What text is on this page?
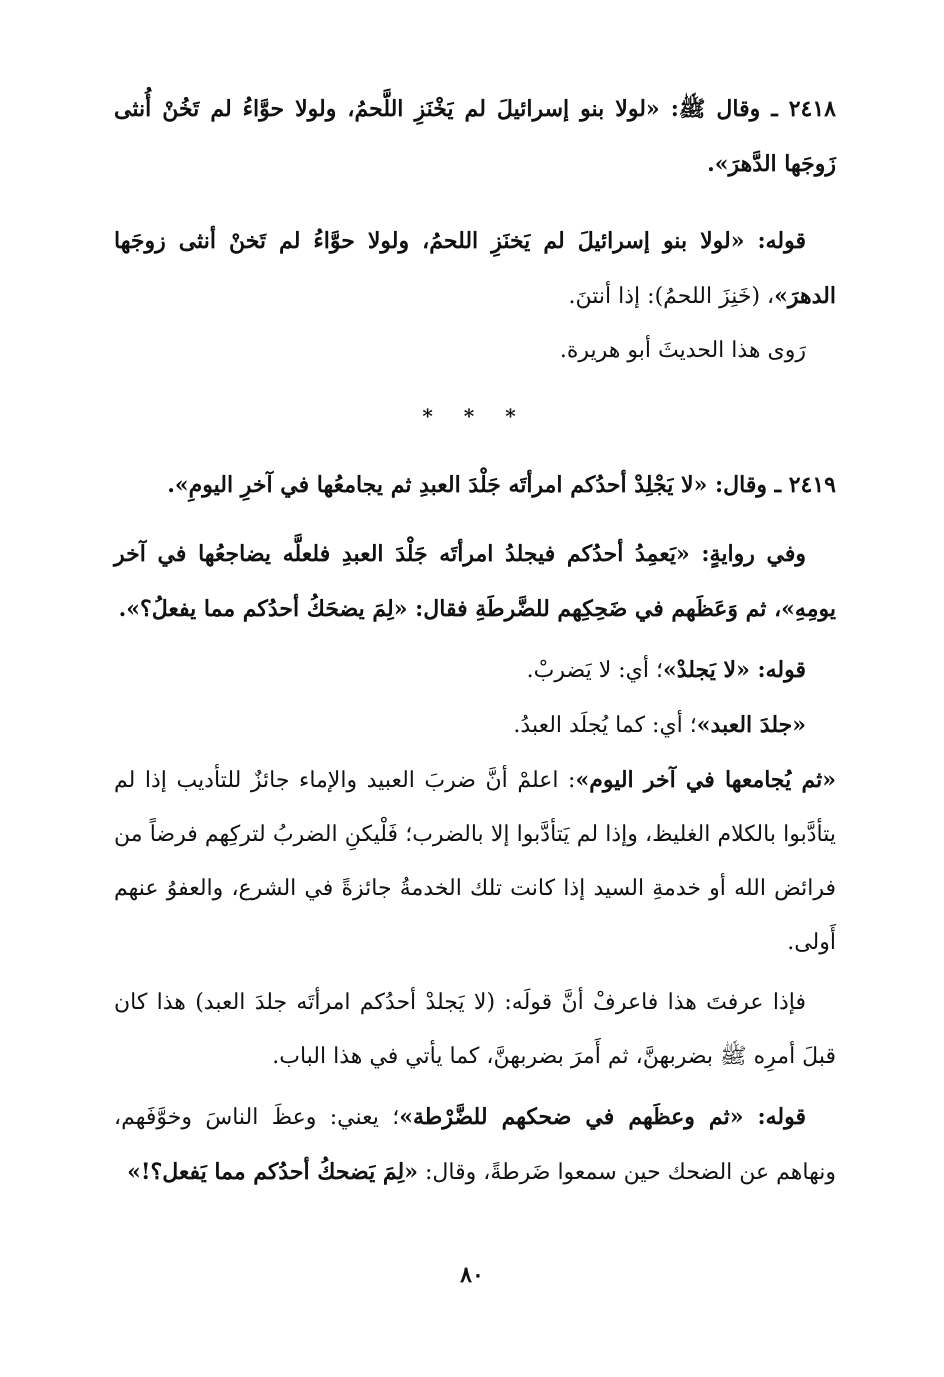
٢٤١٨ ـ وقال ﷺ: «لولا بنو إسرائيلَ لم يَخْنَزِ اللَّحمُ، ولولا حوَّاءُ لم تَخُنْ أُنثى زَوجَها الدَّهرَ».

قوله: «لولا بنو إسرائيلَ لم يَخنَزِ اللحمُ، ولولا حوَّاءُ لم تَخنْ أنثى زوجَها الدهرَ»، (خَنِزَ اللحمُ): إذا أنتنَ.

رَوى هذا الحديثَ أبو هريرة.

* * *

٢٤١٩ ـ وقال: «لا يَجْلِدْ أحدُكم امرأتَه جَلْدَ العبدِ ثم يجامعُها في آخرِ اليومِ».

وفي روايةٍ: «يَعمِدُ أحدُكم فيجلدُ امرأتَه جَلْدَ العبدِ فلعلَّه يضاجعُها في آخر يومِهِ»، ثم وَعَظَهم في ضَحِكِهم للضَّرطَةِ فقال: «لِمَ يضحَكُ أحدُكم مما يفعلُ؟».

قوله: «لا يَجلدْ»؛ أي: لا يَضربْ.

«جلدَ العبد»؛ أي: كما يُجلَد العبدُ.

«ثم يُجامعها في آخر اليوم»: اعلمْ أنَّ ضربَ العبيد والإماء جائزٌ للتأديب إذا لم يتأدَّبوا بالكلام الغليظ، وإذا لم يَتأدَّبوا إلا بالضرب؛ فَلْيكنِ الضربُ لتركِهم فرضاً من فرائض الله أو خدمةِ السيد إذا كانت تلك الخدمةُ جائزةً في الشرع، والعفوُ عنهم أَولى.

فإذا عرفتَ هذا فاعرفْ أنَّ قولَه: (لا يَجلدْ أحدُكم امرأتَه جلدَ العبد) هذا كان قبلَ أمرِه ﷺ بضربهنَّ، ثم أَمرَ بضربهنَّ، كما يأتي في هذا الباب.

قوله: «ثم وعظَهم في ضحكهم للضَّرْطة»؛ يعني: وعظَ الناسَ وخوَّفَهم، ونهاهم عن الضحك حين سمعوا ضَرطةً، وقال: «لِمَ يَضحكُ أحدُكم مما يَفعل؟!»

٨٠
